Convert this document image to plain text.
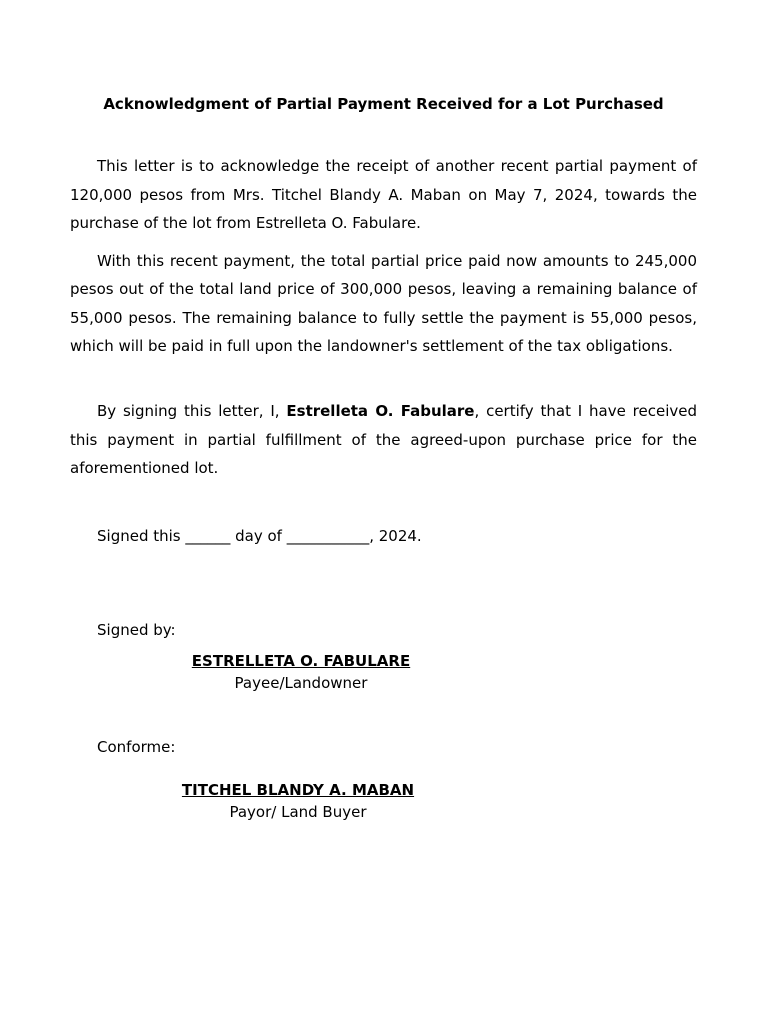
Acknowledgment of Partial Payment Received for a Lot Purchased

This letter is to acknowledge the receipt of another recent partial payment of 120,000 pesos from Mrs. Titchel Blandy A. Maban on May 7, 2024, towards the purchase of the lot from Estrelleta O. Fabulare.

With this recent payment, the total partial price paid now amounts to 245,000 pesos out of the total land price of 300,000 pesos, leaving a remaining balance of 55,000 pesos. The remaining balance to fully settle the payment is 55,000 pesos, which will be paid in full upon the landowner's settlement of the tax obligations.

By signing this letter, I, Estrelleta O. Fabulare, certify that I have received this payment in partial fulfillment of the agreed-upon purchase price for the aforementioned lot.

Signed this ______ day of ___________, 2024.

Signed by:

ESTRELLETA O. FABULARE
Payee/Landowner

Conforme:

TITCHEL BLANDY A. MABAN
Payor/ Land Buyer
